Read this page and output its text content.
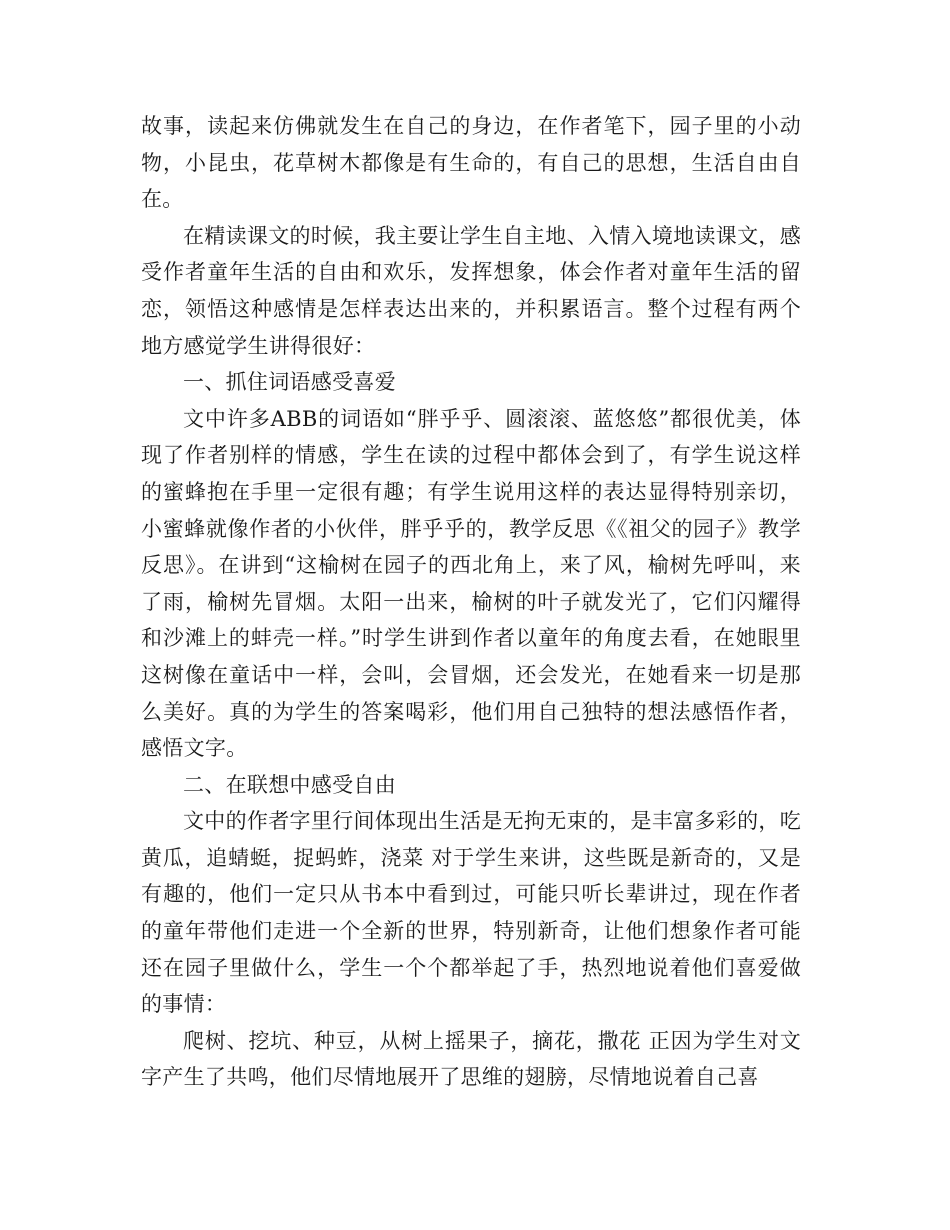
故事，读起来仿佛就发生在自己的身边，在作者笔下，园子里的小动物，小昆虫，花草树木都像是有生命的，有自己的思想，生活自由自在。

在精读课文的时候，我主要让学生自主地、入情入境地读课文，感受作者童年生活的自由和欢乐，发挥想象，体会作者对童年生活的留恋，领悟这种感情是怎样表达出来的，并积累语言。整个过程有两个地方感觉学生讲得很好：

一、抓住词语感受喜爱

文中许多ABB的词语如“胖乎乎、圆滚滚、蓝悠悠”都很优美，体现了作者别样的情感，学生在读的过程中都体会到了，有学生说这样的蜜蜂抱在手里一定很有趣；有学生说用这样的表达显得特别亲切，小蜜蜂就像作者的小伙伴，胖乎乎的，教学反思《《祖父的园子》教学反思》。在讲到“这榆树在园子的西北角上，来了风，榆树先呼叫，来了雨，榆树先冒烟。太阳一出来，榆树的叶子就发光了，它们闪耀得和沙滩上的蚌壳一样。”时学生讲到作者以童年的角度去看，在她眼里这树像在童话中一样，会叫，会冒烟，还会发光，在她看来一切是那么美好。真的为学生的答案喝彩，他们用自己独特的想法感悟作者，感悟文字。

二、在联想中感受自由

文中的作者字里行间体现出生活是无拘无束的，是丰富多彩的，吃黄瓜，追蜻蜓，捉蚂蚱，浇菜 对于学生来讲，这些既是新奇的，又是有趣的，他们一定只从书本中看到过，可能只听长辈讲过，现在作者的童年带他们走进一个全新的世界，特别新奇，让他们想象作者可能还在园子里做什么，学生一个个都举起了手，热烈地说着他们喜爱做的事情：

爬树、挖坑、种豆，从树上摇果子，摘花，撒花 正因为学生对文字产生了共鸣，他们尽情地展开了思维的翅膀，尽情地说着自己喜
